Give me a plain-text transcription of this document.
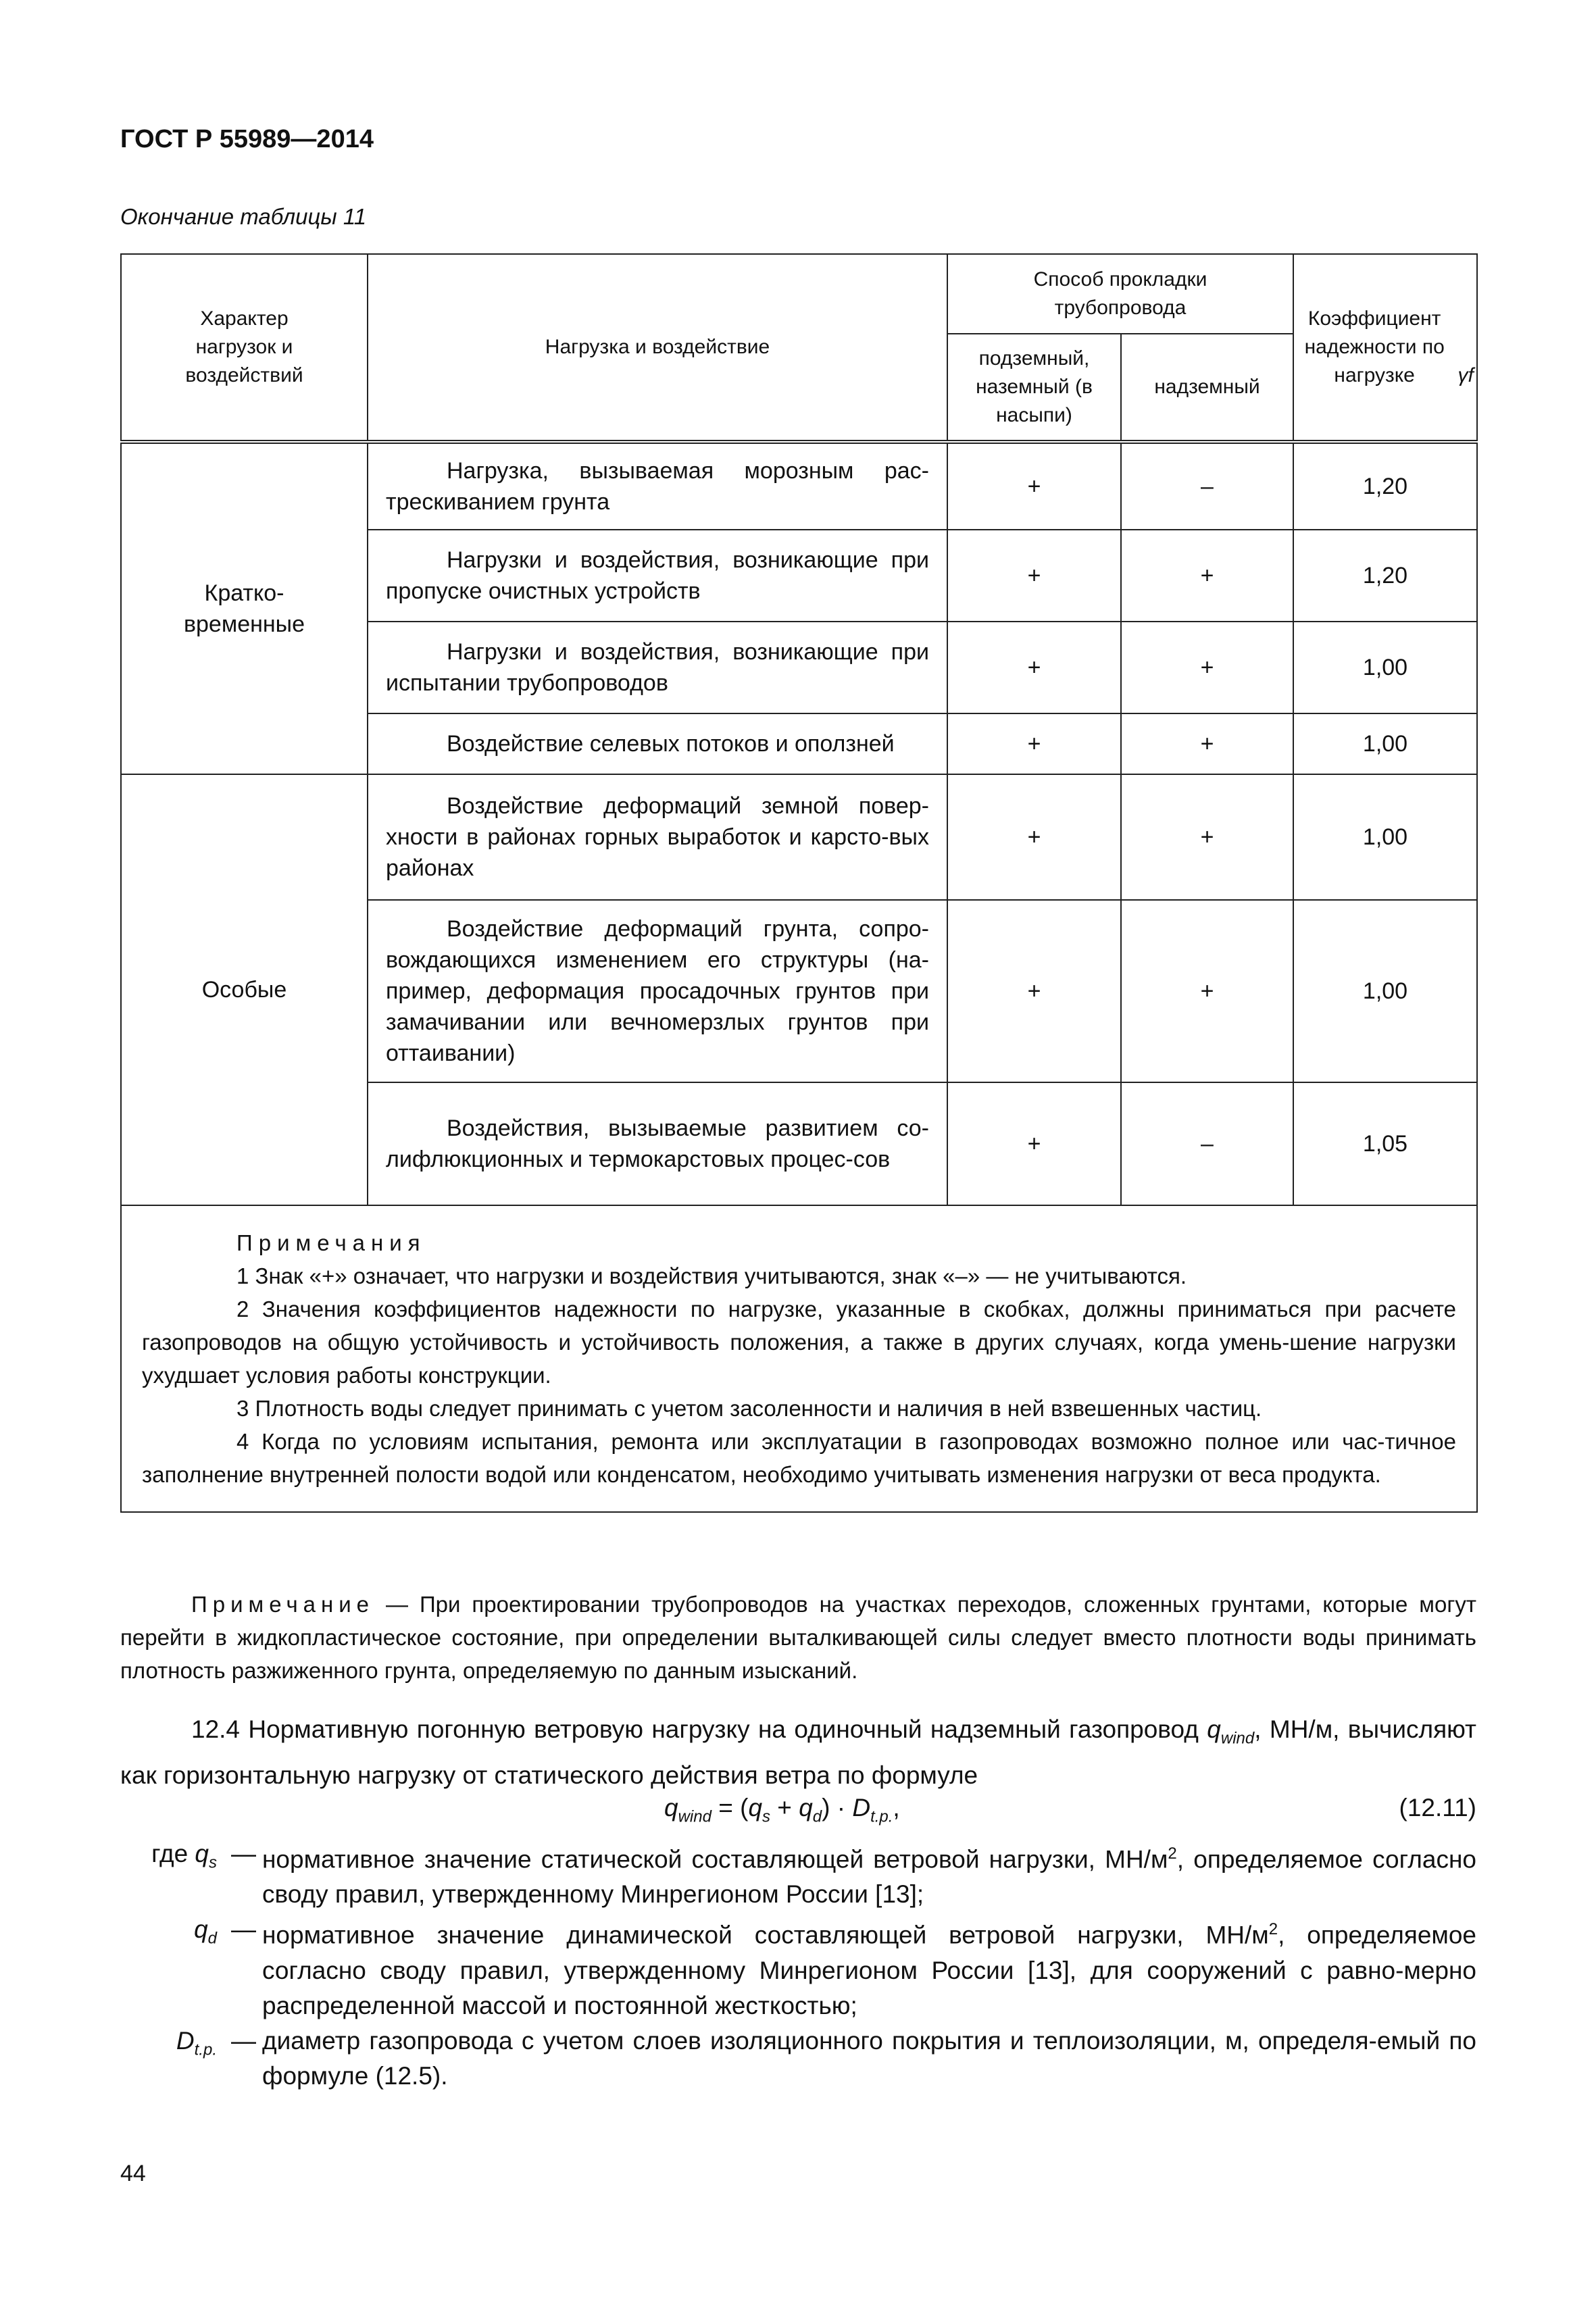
ГОСТ Р 55989—2014
Окончание таблицы 11
Характер нагрузок и воздействий	Нагрузка и воздействие	Способ прокладки трубопровода		Коэффициент надежности по нагрузке γf
		подземный, наземный (в насыпи)	надземный	
Кратко-временные	Нагрузка, вызываемая морозным рас-трескиванием грунта	+	–	1,20

	Нагрузки и воздействия, возникающие при пропуске очистных устройств	+	+	1,20

	Нагрузки и воздействия, возникающие при испытании трубопроводов	+	+	1,00

	Воздействие селевых потоков и оползней	+	+	1,00
Особые	Воздействие деформаций земной повер-хности в районах горных выработок и карсто-вых районах	+	+	1,00

	Воздействие деформаций грунта, сопро-вождающихся изменением его структуры (на-пример, деформация просадочных грунтов при замачивании или вечномерзлых грунтов при оттаивании)	+	+	1,00

	Воздействия, вызываемые развитием со-лифлюкционных и термокарстовых процес-сов	+	–	1,05

Примечания
1 Знак «+» означает, что нагрузки и воздействия учитываются, знак «–» — не учитываются.
2 Значения коэффициентов надежности по нагрузке, указанные в скобках, должны приниматься при расчете газопроводов на общую устойчивость и устойчивость положения, а также в других случаях, когда умень-шение нагрузки ухудшает условия работы конструкции.
3 Плотность воды следует принимать с учетом засоленности и наличия в ней взвешенных частиц.
4 Когда по условиям испытания, ремонта или эксплуатации в газопроводах возможно полное или час-тичное заполнение внутренней полости водой или конденсатом, необходимо учитывать изменения нагрузки от веса продукта.				
Примечание — При проектировании трубопроводов на участках переходов, сложенных грунтами, которые могут перейти в жидкопластическое состояние, при определении выталкивающей силы следует вместо плотности воды принимать плотность разжиженного грунта, определяемую по данным изысканий.
12.4 Нормативную погонную ветровую нагрузку на одиночный надземный газопровод $q_{wind}$, МН/м, вычисляют как горизонтальную нагрузку от статического действия ветра по формуле
$q_{wind} = (q_s + q_d) \cdot D_{t.p.}$,	(12.11)
где $q_s$ — нормативное значение статической составляющей ветровой нагрузки, $МН/м^2$, определяемое согласно своду правил, утвержденному Минрегионом России [13];
$q_d$ — нормативное значение динамической составляющей ветровой нагрузки, $МН/м^2$, определяемое согласно своду правил, утвержденному Минрегионом России [13], для сооружений с равно-мерно распределенной массой и постоянной жесткостью;
$D_{t.p.}$ — диаметр газопровода с учетом слоев изоляционного покрытия и теплоизоляции, м, определя-емый по формуле (12.5).
44
